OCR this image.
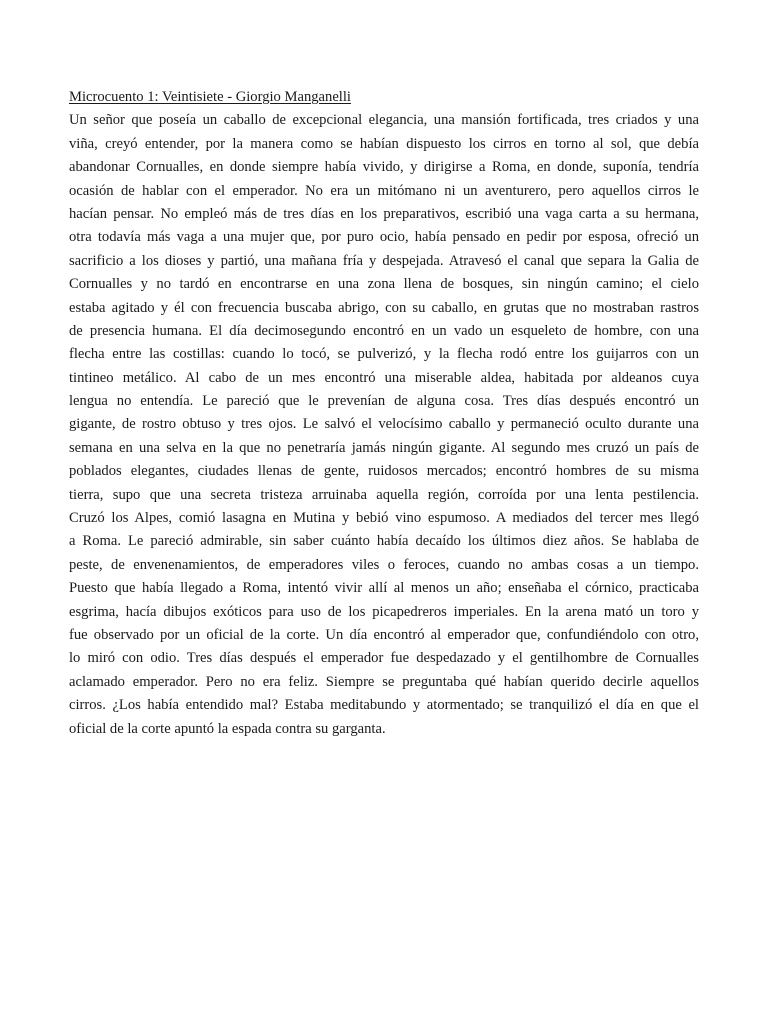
Microcuento 1: Veintisiete - Giorgio Manganelli
Un señor que poseía un caballo de excepcional elegancia, una mansión fortificada, tres criados y una
viña, creyó entender, por la manera como se habían dispuesto los cirros en torno al sol, que debía
abandonar Cornualles, en donde siempre había vivido, y dirigirse a Roma, en donde, suponía, tendría
ocasión de hablar con el emperador. No era un mitómano ni un aventurero, pero aquellos cirros le
hacían pensar. No empleó más de tres días en los preparativos, escribió una vaga carta a su hermana,
otra todavía más vaga a una mujer que, por puro ocio, había pensado en pedir por esposa, ofreció un
sacrificio a los dioses y partió, una mañana fría y despejada. Atravesó el canal que separa la Galia de
Cornualles y no tardó en encontrarse en una zona llena de bosques, sin ningún camino; el cielo
estaba agitado y él con frecuencia buscaba abrigo, con su caballo, en grutas que no mostraban rastros
de presencia humana. El día decimosegundo encontró en un vado un esqueleto de hombre, con una
flecha entre las costillas: cuando lo tocó, se pulverizó, y la flecha rodó entre los guijarros con un
tintineo metálico. Al cabo de un mes encontró una miserable aldea, habitada por aldeanos cuya
lengua no entendía. Le pareció que le prevenían de alguna cosa. Tres días después encontró un
gigante, de rostro obtuso y tres ojos. Le salvó el velocísimo caballo y permaneció oculto durante una
semana en una selva en la que no penetraría jamás ningún gigante. Al segundo mes cruzó un país de
poblados elegantes, ciudades llenas de gente, ruidosos mercados; encontró hombres de su misma
tierra, supo que una secreta tristeza arruinaba aquella región, corroída por una lenta pestilencia.
Cruzó los Alpes, comió lasagna en Mutina y bebió vino espumoso. A mediados del tercer mes llegó
a Roma. Le pareció admirable, sin saber cuánto había decaído los últimos diez años. Se hablaba de
peste, de envenenamientos, de emperadores viles o feroces, cuando no ambas cosas a un tiempo.
Puesto que había llegado a Roma, intentó vivir allí al menos un año; enseñaba el córnico, practicaba
esgrima, hacía dibujos exóticos para uso de los picapedreros imperiales. En la arena mató un toro y
fue observado por un oficial de la corte. Un día encontró al emperador que, confundiéndolo con otro,
lo miró con odio. Tres días después el emperador fue despedazado y el gentilhombre de Cornualles
aclamado emperador. Pero no era feliz. Siempre se preguntaba qué habían querido decirle aquellos
cirros. ¿Los había entendido mal? Estaba meditabundo y atormentado; se tranquilizó el día en que el
oficial de la corte apuntó la espada contra su garganta.
